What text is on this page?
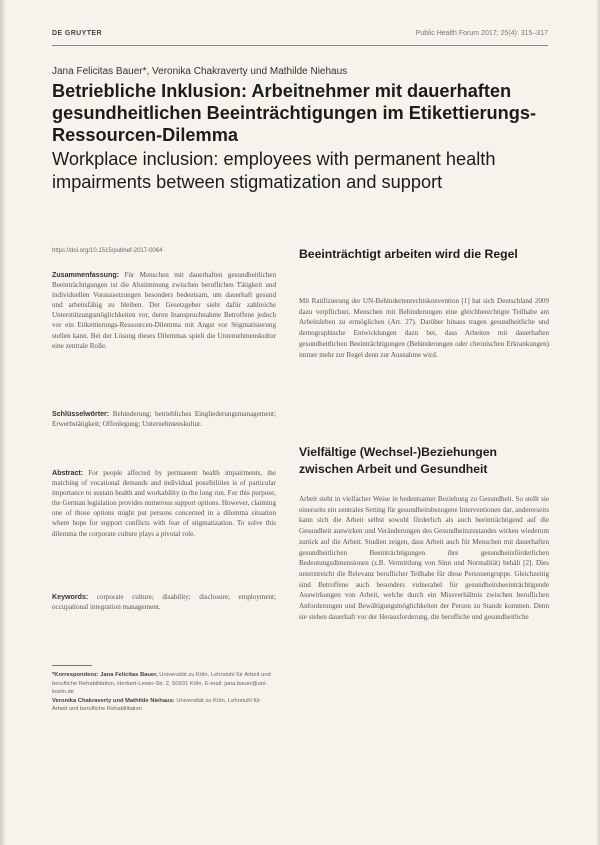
DE GRUYTER	Public Health Forum 2017; 25(4): 315–317
Jana Felicitas Bauer*, Veronika Chakraverty und Mathilde Niehaus
Betriebliche Inklusion: Arbeitnehmer mit dauerhaften gesundheitlichen Beeinträchtigungen im Etikettierungs-Ressourcen-Dilemma
Workplace inclusion: employees with permanent health impairments between stigmatization and support
https://doi.org/10.1515/pubhef-2017-0064

Zusammenfassung: Für Menschen mit dauerhaften gesundheitlichen Beeinträchtigungen ist die Abstimmung zwischen beruflichen Tätigkeit und individuellen Voraussetzungen besonders bedeutsam, um dauerhaft gesund und arbeitsfähig zu bleiben. Der Gesetzgeber sieht dafür zahlreiche Unterstützungsmöglichkeiten vor, deren Inanspruchnahme Betroffene jedoch vor ein Etikettierungs-Ressourcen-Dilemma mit Angst vor Stigmatisierung stellen kann. Bei der Lösung dieses Dilemmas spielt die Unternehmenskultur eine zentrale Rolle.

Schlüsselwörter: Behinderung; betriebliches Eingliederungsmanagement; Erwerbstätigkeit; Offenlegung; Unternehmenskultur.

Abstract: For people affected by permanent health impairments, the matching of vocational demands and individual possibilities is of particular importance to sustain health and workability in the long run. For this purpose, the German legislation provides numerous support options. However, claiming one of those options might put persons concerned in a dilemma situation where hope for support conflicts with fear of stigmatization. To solve this dilemma the corporate culture plays a pivotal role.

Keywords: corporate culture; disability; disclosure; employment; occupational integration management.

*Korrespondenz: Jana Felicitas Bauer, Universität zu Köln, Lehrstuhl für Arbeit und berufliche Rehabilitation, Herbert-Lewin-Str. 2, 50931 Köln, E-mail: jana.bauer@uni-koeln.de

Veronika Chakraverty und Mathilde Niehaus: Universität zu Köln, Lehrstuhl für Arbeit und berufliche Rehabilitation

Beeinträchtigt arbeiten wird die Regel

Mit Ratifizierung der UN-Behindertenrechtskonvention [1] hat sich Deutschland 2009 dazu verpflichtet, Menschen mit Behinderungen eine gleichberechtigte Teilhabe am Arbeitsleben zu ermöglichen (Art. 27). Darüber hinaus tragen gesundheitliche und demographische Entwicklungen dazu bei, dass Arbeiten mit dauerhaften gesundheitlichen Beeinträchtigungen (Behinderungen oder chronischen Erkrankungen) immer mehr zur Regel denn zur Ausnahme wird.

Vielfältige (Wechsel-)Beziehungen zwischen Arbeit und Gesundheit

Arbeit steht in vielfacher Weise in bedeutsamer Beziehung zu Gesundheit. So stellt sie einerseits ein zentrales Setting für gesundheitsbezogene Interventionen dar, andererseits kann sich die Arbeit selbst sowohl förderlich als auch beeinträchtigend auf die Gesundheit auswirken und Veränderungen des Gesundheitszustandes wirken wiederum zurück auf die Arbeit. Studien zeigen, dass Arbeit auch für Menschen mit dauerhaften gesundheitlichen Beeinträchtigungen ihre gesundheitsförderlichen Bedeutungsdimensionen (z.B. Vermittlung von Sinn und Normalität) behält [2]. Dies unterstreicht die Relevanz beruflicher Teilhabe für diese Personengruppe. Gleichzeitig sind Betroffene auch besonders vulnerabel für gesundheitsbeeinträchtigende Auswirkungen von Arbeit, welche durch ein Missverhältnis zwischen beruflichen Anforderungen und Bewältigungsmöglichkeiten der Person zu Stande kommen. Denn sie stehen dauerhaft vor der Herausforderung, die berufliche und gesundheitliche
